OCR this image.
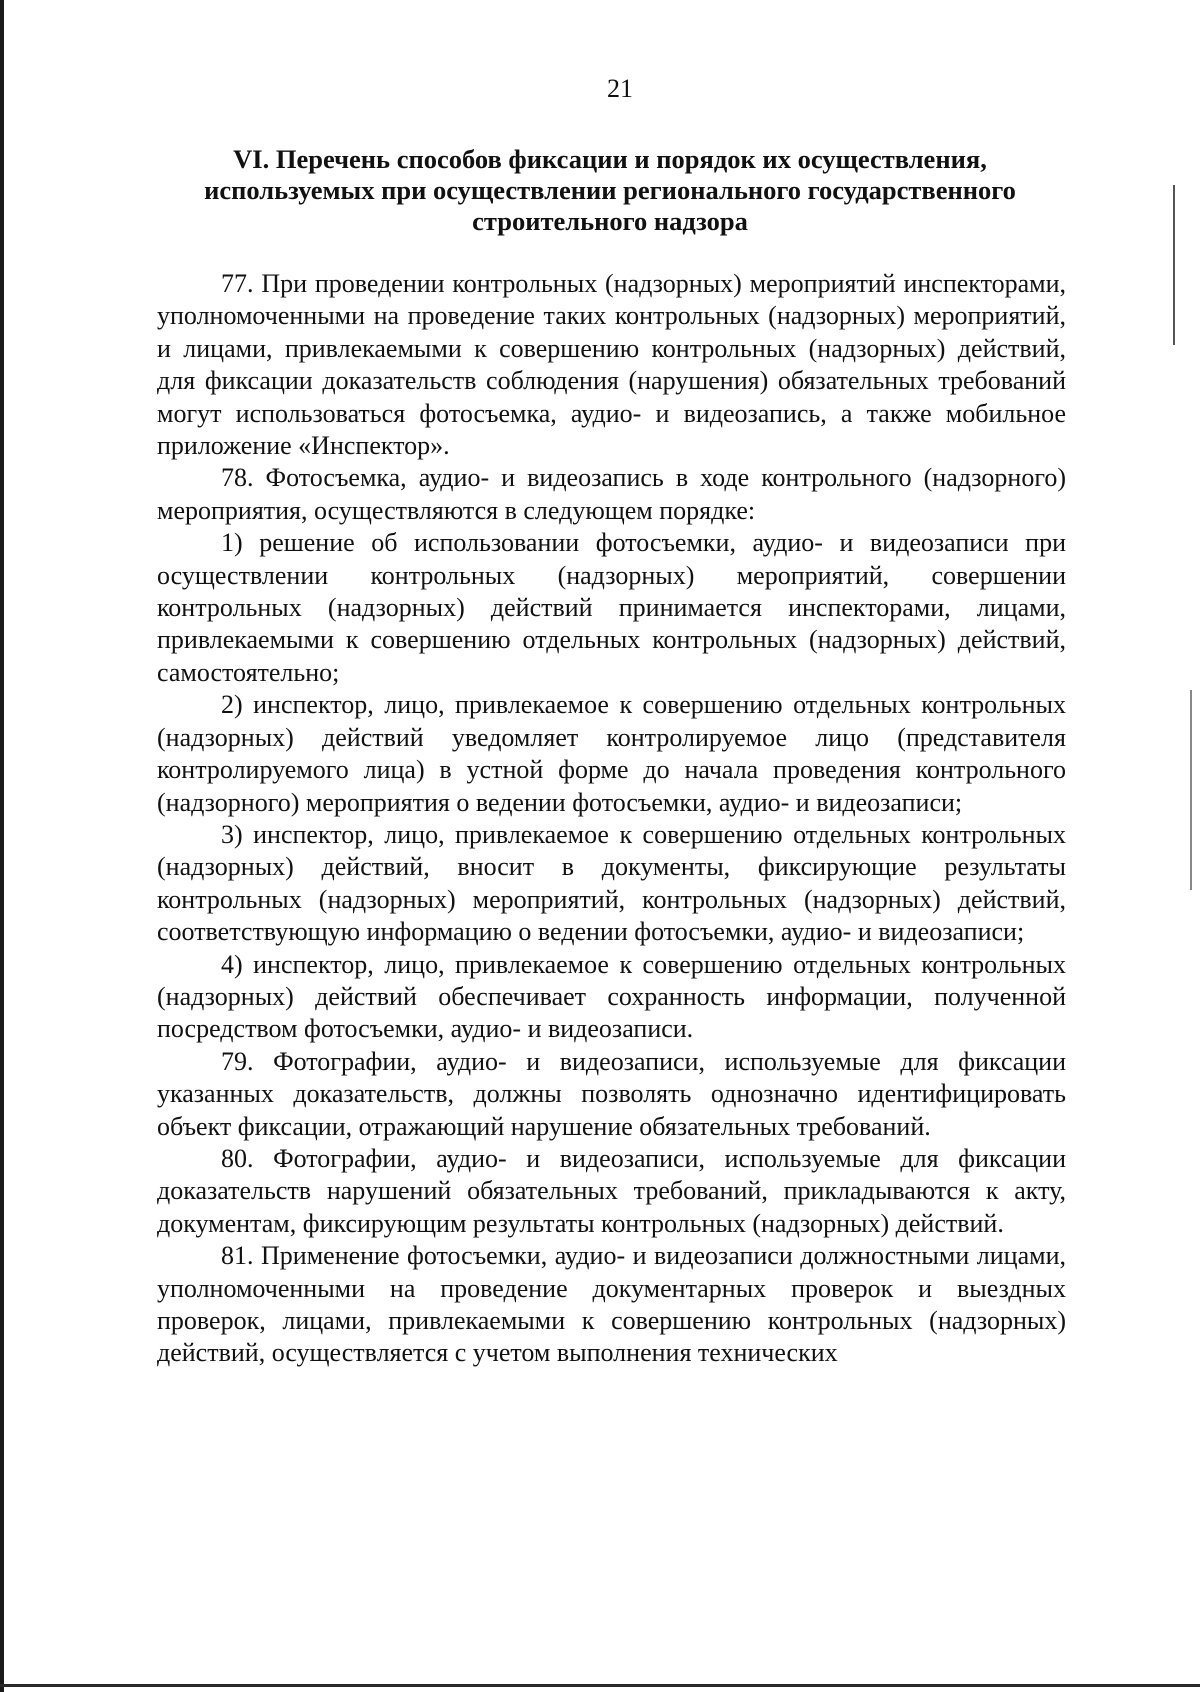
21
VI. Перечень способов фиксации и порядок их осуществления,
используемых при осуществлении регионального государственного
строительного надзора

77. При проведении контрольных (надзорных) мероприятий инспекторами, уполномоченными на проведение таких контрольных (надзорных) мероприятий, и лицами, привлекаемыми к совершению контрольных (надзорных) действий, для фиксации доказательств соблюдения (нарушения) обязательных требований могут использоваться фотосъемка, аудио- и видеозапись, а также мобильное приложение «Инспектор».

78. Фотосъемка, аудио- и видеозапись в ходе контрольного (надзорного) мероприятия, осуществляются в следующем порядке:

1) решение об использовании фотосъемки, аудио- и видеозаписи при осуществлении контрольных (надзорных) мероприятий, совершении контрольных (надзорных) действий принимается инспекторами, лицами, привлекаемыми к совершению отдельных контрольных (надзорных) действий, самостоятельно;

2) инспектор, лицо, привлекаемое к совершению отдельных контрольных (надзорных) действий уведомляет контролируемое лицо (представителя контролируемого лица) в устной форме до начала проведения контрольного (надзорного) мероприятия о ведении фотосъемки, аудио- и видеозаписи;

3) инспектор, лицо, привлекаемое к совершению отдельных контрольных (надзорных) действий, вносит в документы, фиксирующие результаты контрольных (надзорных) мероприятий, контрольных (надзорных) действий, соответствующую информацию о ведении фотосъемки, аудио- и видеозаписи;

4) инспектор, лицо, привлекаемое к совершению отдельных контрольных (надзорных) действий обеспечивает сохранность информации, полученной посредством фотосъемки, аудио- и видеозаписи.

79. Фотографии, аудио- и видеозаписи, используемые для фиксации указанных доказательств, должны позволять однозначно идентифицировать объект фиксации, отражающий нарушение обязательных требований.

80. Фотографии, аудио- и видеозаписи, используемые для фиксации доказательств нарушений обязательных требований, прикладываются к акту, документам, фиксирующим результаты контрольных (надзорных) действий.

81. Применение фотосъемки, аудио- и видеозаписи должностными лицами, уполномоченными на проведение документарных проверок и выездных проверок, лицами, привлекаемыми к совершению контрольных (надзорных) действий, осуществляется с учетом выполнения технических
